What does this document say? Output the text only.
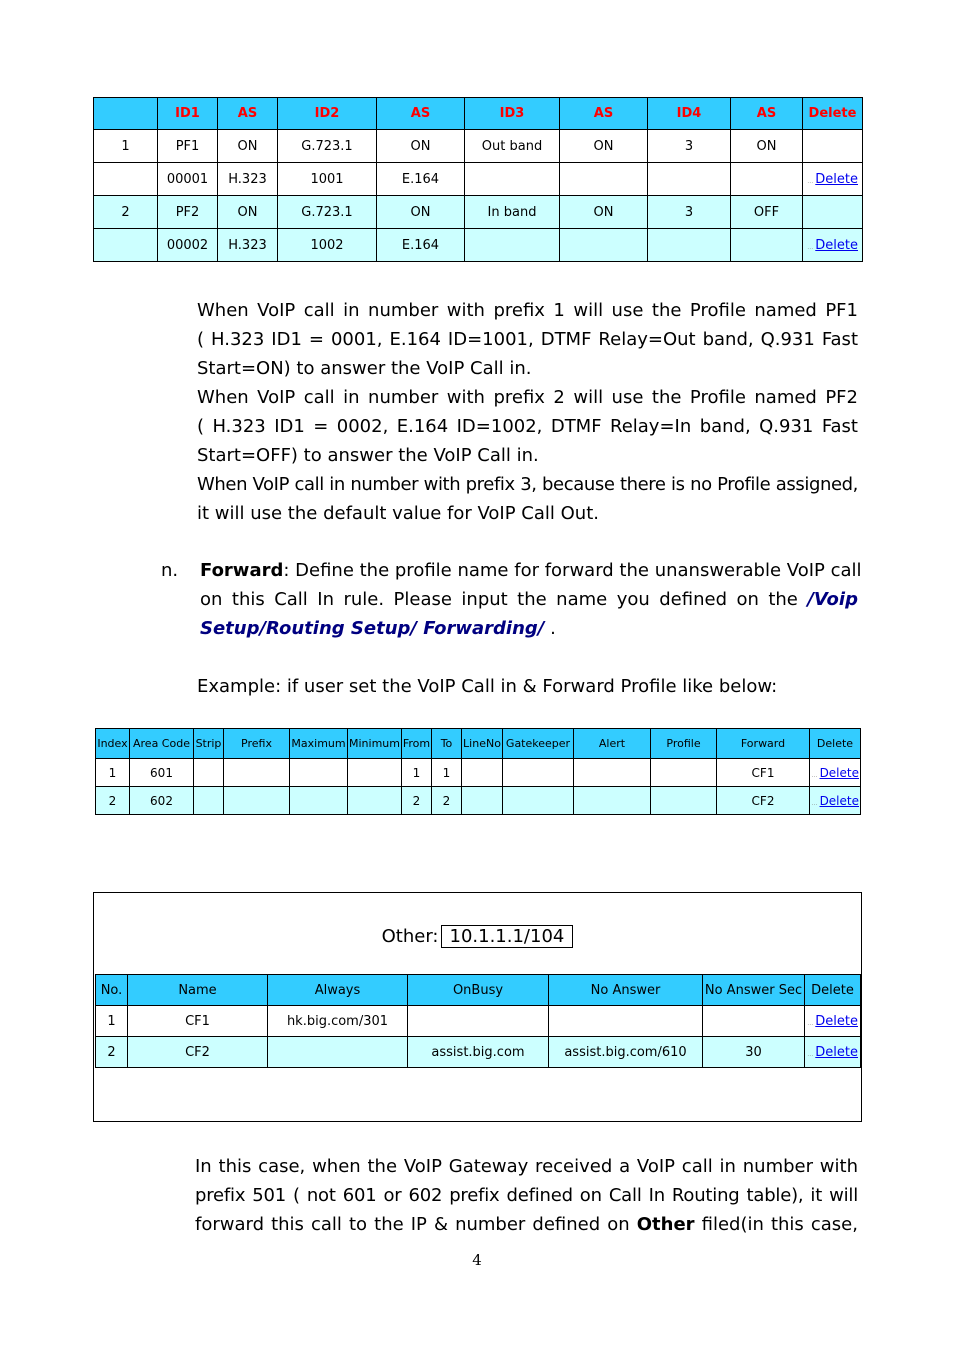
	ID1	AS	ID2	AS	ID3	AS	ID4	AS	Delete
1	PF1	ON	G.723.1	ON	Out band	ON	3	ON	
	00001	H.323	1001	E.164					… Delete
2	PF2	ON	G.723.1	ON	In band	ON	3	OFF	
	00002	H.323	1002	E.164					… Delete
When VoIP call in number with prefix 1 will use the Profile named PF1
( H.323 ID1 = 0001, E.164 ID=1001, DTMF Relay=Out band, Q.931 Fast
Start=ON) to answer the VoIP Call in.
When VoIP call in number with prefix 2 will use the Profile named PF2
( H.323 ID1 = 0002, E.164 ID=1002, DTMF Relay=In band, Q.931 Fast
Start=OFF) to answer the VoIP Call in.
When VoIP call in number with prefix 3, because there is no Profile assigned,
it will use the default value for VoIP Call Out.
n. Forward: Define the profile name for forward the unanswerable VoIP call
on this Call In rule. Please input the name you defined on the /Voip
Setup/Routing Setup/ Forwarding/ .
Example: if user set the VoIP Call in & Forward Profile like below:
Index	Area Code	Strip	Prefix	Maximum	Minimum	From	To	LineNo	Gatekeeper	Alert	Profile	Forward	Delete
1	601					1	1					CF1	… Delete
2	602					2	2					CF2	… Delete
Other: 10.1.1.1/104
No.	Name	Always	OnBusy	No Answer	No Answer Sec	Delete
1	CF1	hk.big.com/301				… Delete
2	CF2		assist.big.com	assist.big.com/610	30	… Delete
In this case, when the VoIP Gateway received a VoIP call in number with
prefix 501 ( not 601 or 602 prefix defined on Call In Routing table), it will
forward this call to the IP & number defined on Other filed(in this case,
4
